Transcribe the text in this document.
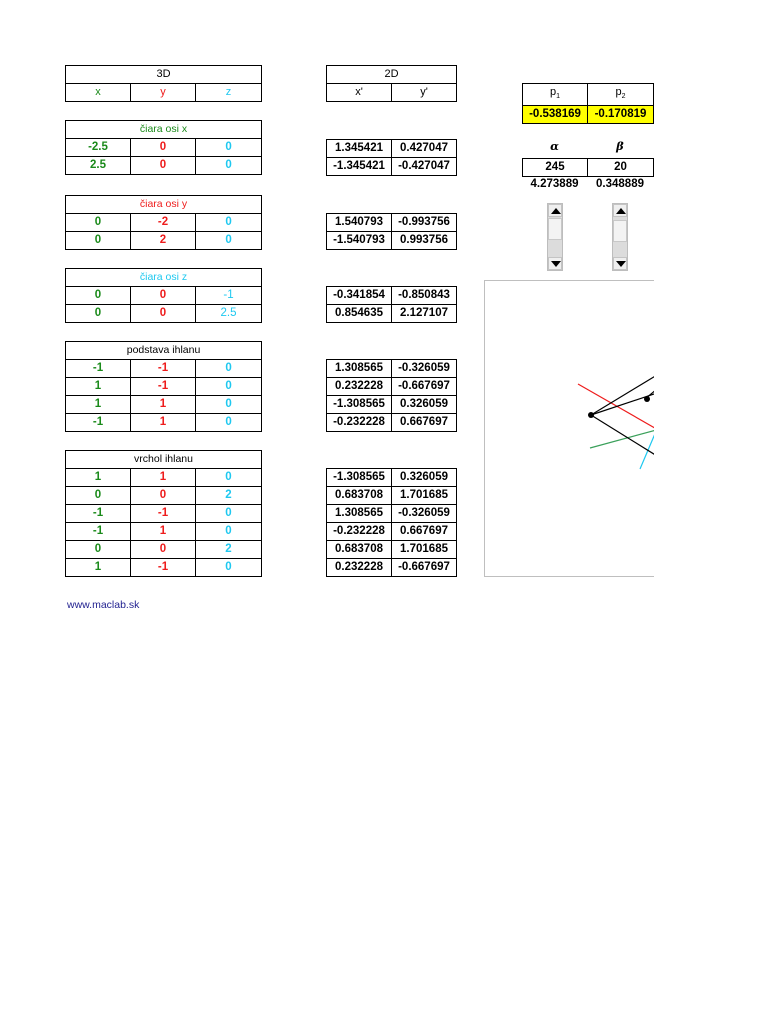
3D
x	y	z
2D
x'	y'
čiara osi x		
-2.5	0	0
2.5	0	0
1.345421	0.427047
-1.345421	-0.427047
čiara osi y		
0	-2	0
0	2	0
1.540793	-0.993756
-1.540793	0.993756
čiara osi z		
0	0	-1
0	0	2.5
-0.341854	-0.850843
0.854635	2.127107
podstava ihlanu		
-1	-1	0
1	-1	0
1	1	0
-1	1	0
1.308565	-0.326059
0.232228	-0.667697
-1.308565	0.326059
-0.232228	0.667697
vrchol ihlanu		
1	1	0
0	0	2
-1	-1	0
-1	1	0
0	0	2
1	-1	0
-1.308565	0.326059
0.683708	1.701685
1.308565	-0.326059
-0.232228	0.667697
0.683708	1.701685
0.232228	-0.667697
$p_1$	$p_2$
-0.538169	-0.170819
α	β
245	20
4.273889	0.348889
www.maclab.sk
